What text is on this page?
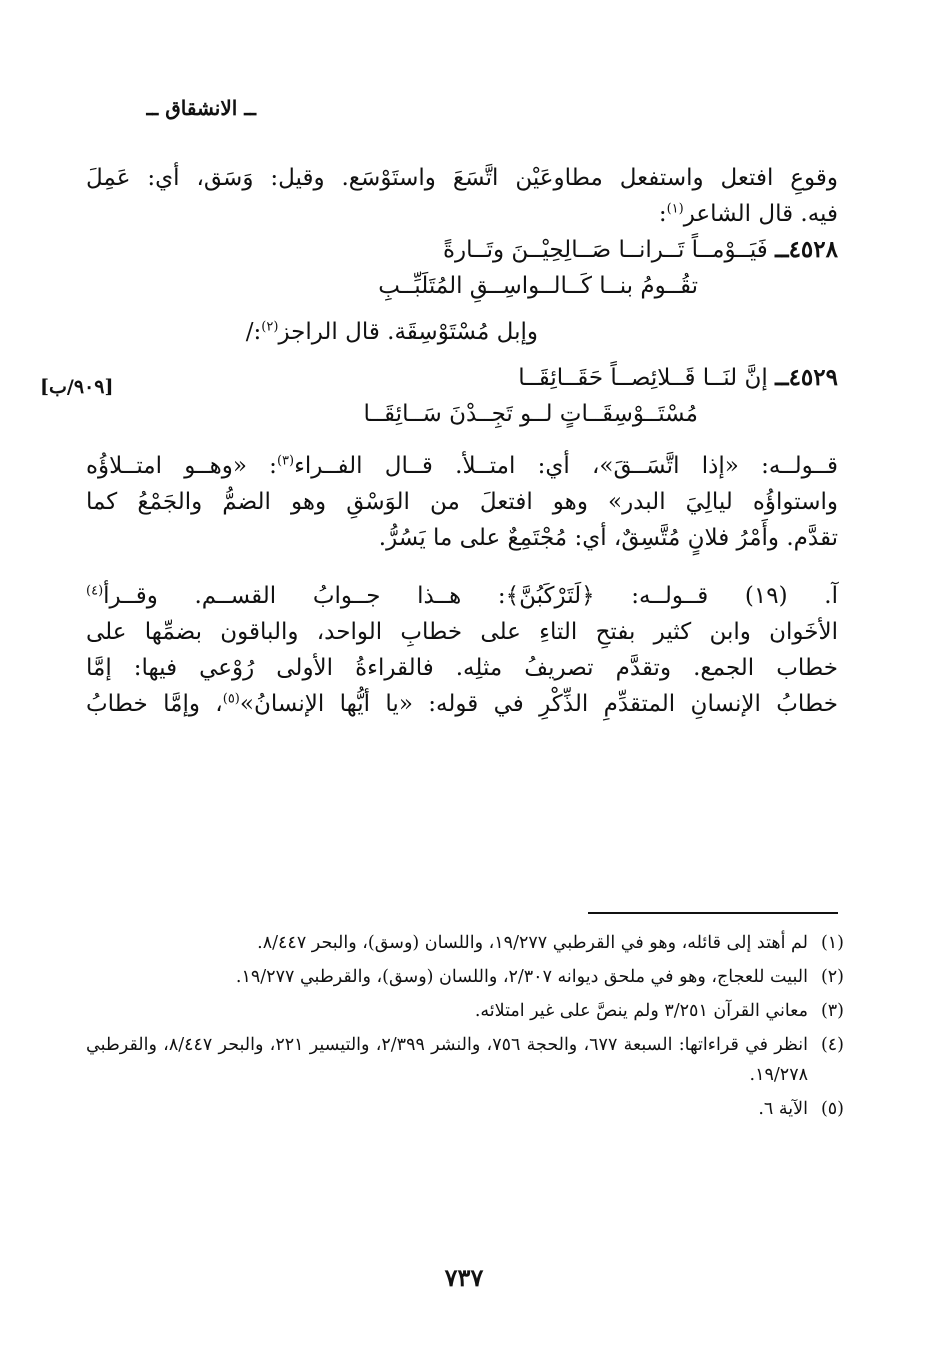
ــ الانشقاق ــ
[٩٠٩/ب]

وقوعِ افتعل واستفعل مطاوعَيْن اتَّسَعَ واستَوْسَع. وقيل: وَسَق، أي: عَمِلَ

فيه. قال الشاعر$^{(١)}$:

٤٥٢٨ــ فَيَــوْمــاً تَــرانــا صَــالِحِيْــنَ وتَــارةً

تقُــومُ بنــا كَــالــواسِــقِ المُتَلَبِّــبِ

وإبل مُسْتَوْسِقَة. قال الراجز$^{(٢)}$:/

٤٥٢٩ــ إنَّ لنَــا قَــلائِصــاً حَقَــائِقَــا

مُسْتَــوْسِقَــاتٍ لــو تَجِــدْنَ سَــائِقَــا

قــولــه: «إذا اتَّسَــقَ»، أي: امتــلأ. قــال الفــراء$^{(٣)}$: «وهــو امتــلاؤُه

واستواؤُه ليالِيَ البدر» وهو افتعلَ من الوَسْقِ وهو الضمُّ والجَمْعُ كما

تقدَّم. وأَمْرُ فلانٍ مُتَّسِقٌ، أي: مُجْتَمِعٌ على ما يَسُرُّ.

آ. (١٩) قــولــه: ﴿لَتَرْكَبُنَّ﴾: هــذا جــوابُ القســم. وقــرأ$^{(٤)}$

الأخَوان وابن كثير بفتحِ التاءِ على خطابِ الواحد، والباقون بضمِّها على

خطاب الجمع. وتقدَّم تصريفُ مثلِه. فالقراءةُ الأولى رُوْعي فيها: إمَّا

خطابُ الإنسانِ المتقدِّمِ الذِّكْرِ في قوله: «يا أيُّها الإنسانُ»$^{(٥)}$، وإمَّا خطابُ

(١)
لم أهتد إلى قائله، وهو في القرطبي ١٩/٢٧٧، واللسان (وسق)، والبحر ٨/٤٤٧.
(٢)
البيت للعجاج، وهو في ملحق ديوانه ٢/٣٠٧، واللسان (وسق)، والقرطبي ١٩/٢٧٧.
(٣)
معاني القرآن ٣/٢٥١ ولم ينصَّ على غير امتلائه.
(٤)
انظر في قراءاتها: السبعة ٦٧٧، والحجة ٧٥٦، والنشر ٢/٣٩٩، والتيسير ٢٢١، والبحر ٨/٤٤٧، والقرطبي ١٩/٢٧٨.
(٥)
الآية ٦.
٧٣٧
